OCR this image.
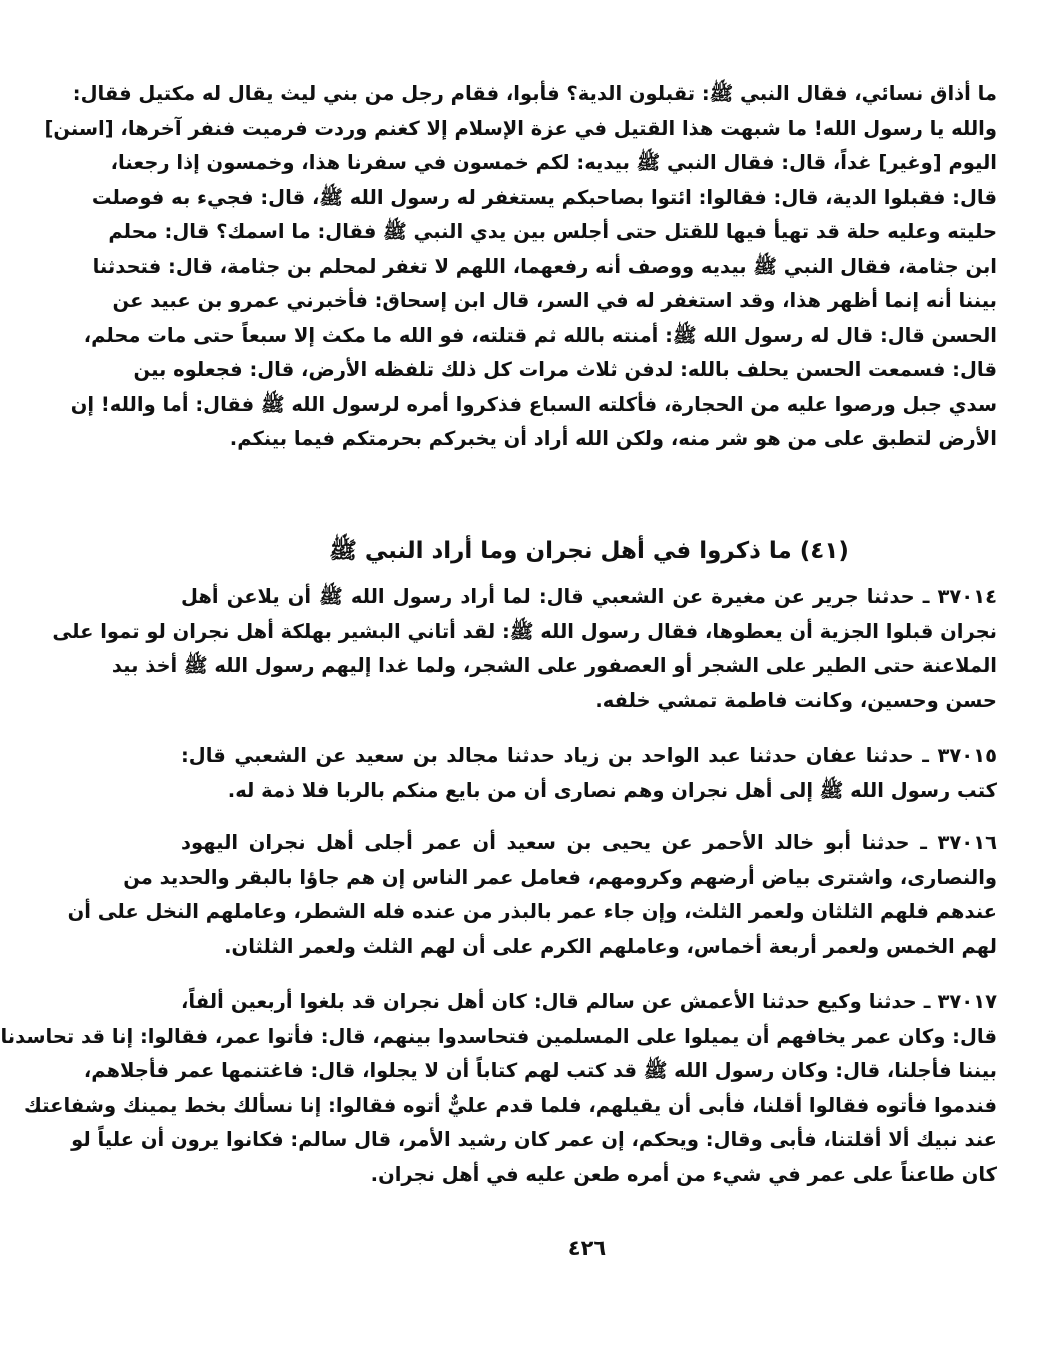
ما أذاق نسائي، فقال النبي ﷺ: تقبلون الدية؟ فأبوا، فقام رجل من بني ليث يقال له مكتيل فقال:
والله يا رسول الله! ما شبهت هذا القتيل في عزة الإسلام إلا كغنم وردت فرميت فنفر آخرها، [اسنن]
اليوم [وغير] غداً، قال: فقال النبي ﷺ بيديه: لكم خمسون في سفرنا هذا، وخمسون إذا رجعنا،
قال: فقبلوا الدية، قال: فقالوا: ائتوا بصاحبكم يستغفر له رسول الله ﷺ، قال: فجيء به فوصلت
حليته وعليه حلة قد تهيأ فيها للقتل حتى أجلس بين يدي النبي ﷺ فقال: ما اسمك؟ قال: محلم
ابن جثامة، فقال النبي ﷺ بيديه ووصف أنه رفعهما، اللهم لا تغفر لمحلم بن جثامة، قال: فتحدثنا
بيننا أنه إنما أظهر هذا، وقد استغفر له في السر، قال ابن إسحاق: فأخبرني عمرو بن عبيد عن
الحسن قال: قال له رسول الله ﷺ: أمنته بالله ثم قتلته، فو الله ما مكث إلا سبعاً حتى مات محلم،
قال: فسمعت الحسن يحلف بالله: لدفن ثلاث مرات كل ذلك تلفظه الأرض، قال: فجعلوه بين
سدي جبل ورصوا عليه من الحجارة، فأكلته السباع فذكروا أمره لرسول الله ﷺ فقال: أما والله! إن
الأرض لتطبق على من هو شر منه، ولكن الله أراد أن يخبركم بحرمتكم فيما بينكم.
(٤١) ما ذكروا في أهل نجران وما أراد النبي ﷺ
٣٧٠١٤ ـ حدثنا جرير عن مغيرة عن الشعبي قال: لما أراد رسول الله ﷺ أن يلاعن أهل
نجران قبلوا الجزية أن يعطوها، فقال رسول الله ﷺ: لقد أتاني البشير بهلكة أهل نجران لو تموا على
الملاعنة حتى الطير على الشجر أو العصفور على الشجر، ولما غدا إليهم رسول الله ﷺ أخذ بيد
حسن وحسين، وكانت فاطمة تمشي خلفه.
٣٧٠١٥ ـ حدثنا عفان حدثنا عبد الواحد بن زياد حدثنا مجالد بن سعيد عن الشعبي قال:
كتب رسول الله ﷺ إلى أهل نجران وهم نصارى أن من بايع منكم بالربا فلا ذمة له.
٣٧٠١٦ ـ حدثنا أبو خالد الأحمر عن يحيى بن سعيد أن عمر أجلى أهل نجران اليهود
والنصارى، واشترى بياض أرضهم وكرومهم، فعامل عمر الناس إن هم جاؤا بالبقر والحديد من
عندهم فلهم الثلثان ولعمر الثلث، وإن جاء عمر بالبذر من عنده فله الشطر، وعاملهم النخل على أن
لهم الخمس ولعمر أربعة أخماس، وعاملهم الكرم على أن لهم الثلث ولعمر الثلثان.
٣٧٠١٧ ـ حدثنا وكيع حدثنا الأعمش عن سالم قال: كان أهل نجران قد بلغوا أربعين ألفاً،
قال: وكان عمر يخافهم أن يميلوا على المسلمين فتحاسدوا بينهم، قال: فأتوا عمر، فقالوا: إنا قد تحاسدنا
بيننا فأجلنا، قال: وكان رسول الله ﷺ قد كتب لهم كتاباً أن لا يجلوا، قال: فاغتنمها عمر فأجلاهم،
فندموا فأتوه فقالوا أقلنا، فأبى أن يقيلهم، فلما قدم عليٌّ أتوه فقالوا: إنا نسألك بخط يمينك وشفاعتك
عند نبيك ألا أقلتنا، فأبى وقال: ويحكم، إن عمر كان رشيد الأمر، قال سالم: فكانوا يرون أن علياً لو
كان طاعناً على عمر في شيء من أمره طعن عليه في أهل نجران.
٤٢٦
